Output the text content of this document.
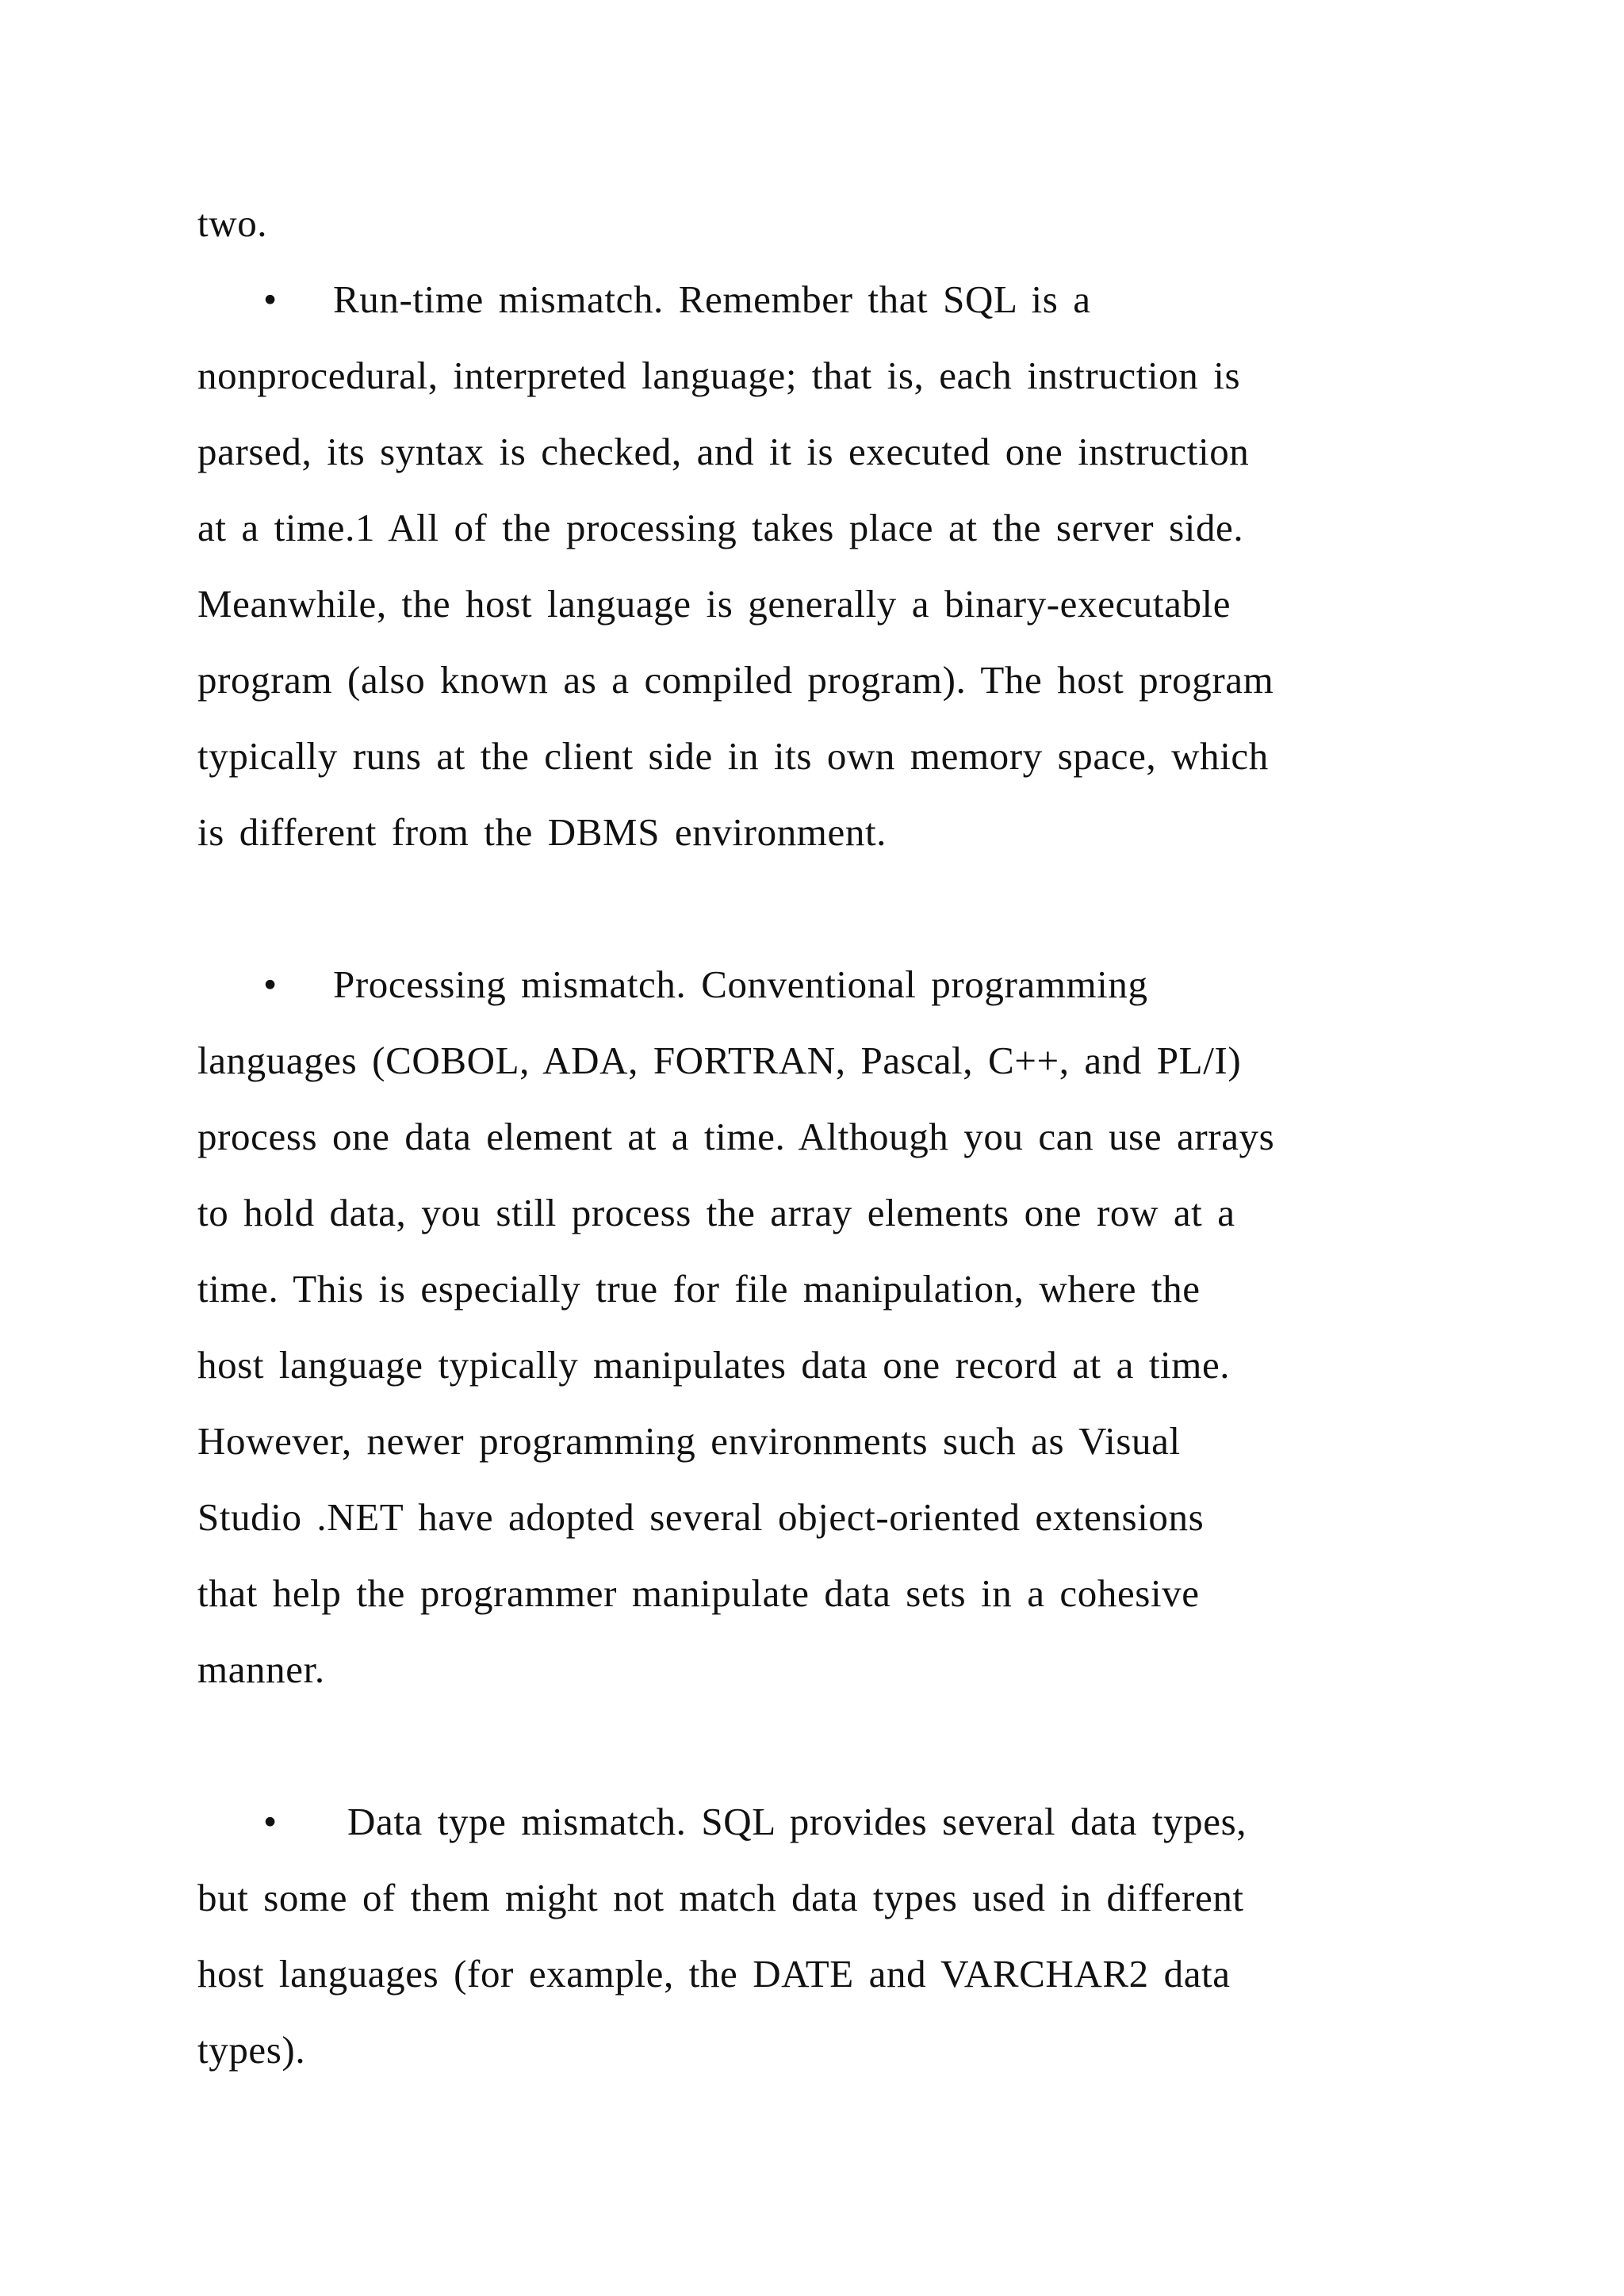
two.
• Run-time mismatch. Remember that SQL is a
nonprocedural, interpreted language; that is, each instruction is
parsed, its syntax is checked, and it is executed one instruction
at a time.1 All of the processing takes place at the server side.
Meanwhile, the host language is generally a binary-executable
program (also known as a compiled program). The host program
typically runs at the client side in its own memory space, which
is different from the DBMS environment.
• Processing mismatch. Conventional programming
languages (COBOL, ADA, FORTRAN, Pascal, C++, and PL/I)
process one data element at a time. Although you can use arrays
to hold data, you still process the array elements one row at a
time. This is especially true for file manipulation, where the
host language typically manipulates data one record at a time.
However, newer programming environments such as Visual
Studio .NET have adopted several object-oriented extensions
that help the programmer manipulate data sets in a cohesive
manner.
• Data type mismatch. SQL provides several data types,
but some of them might not match data types used in different
host languages (for example, the DATE and VARCHAR2 data
types).
